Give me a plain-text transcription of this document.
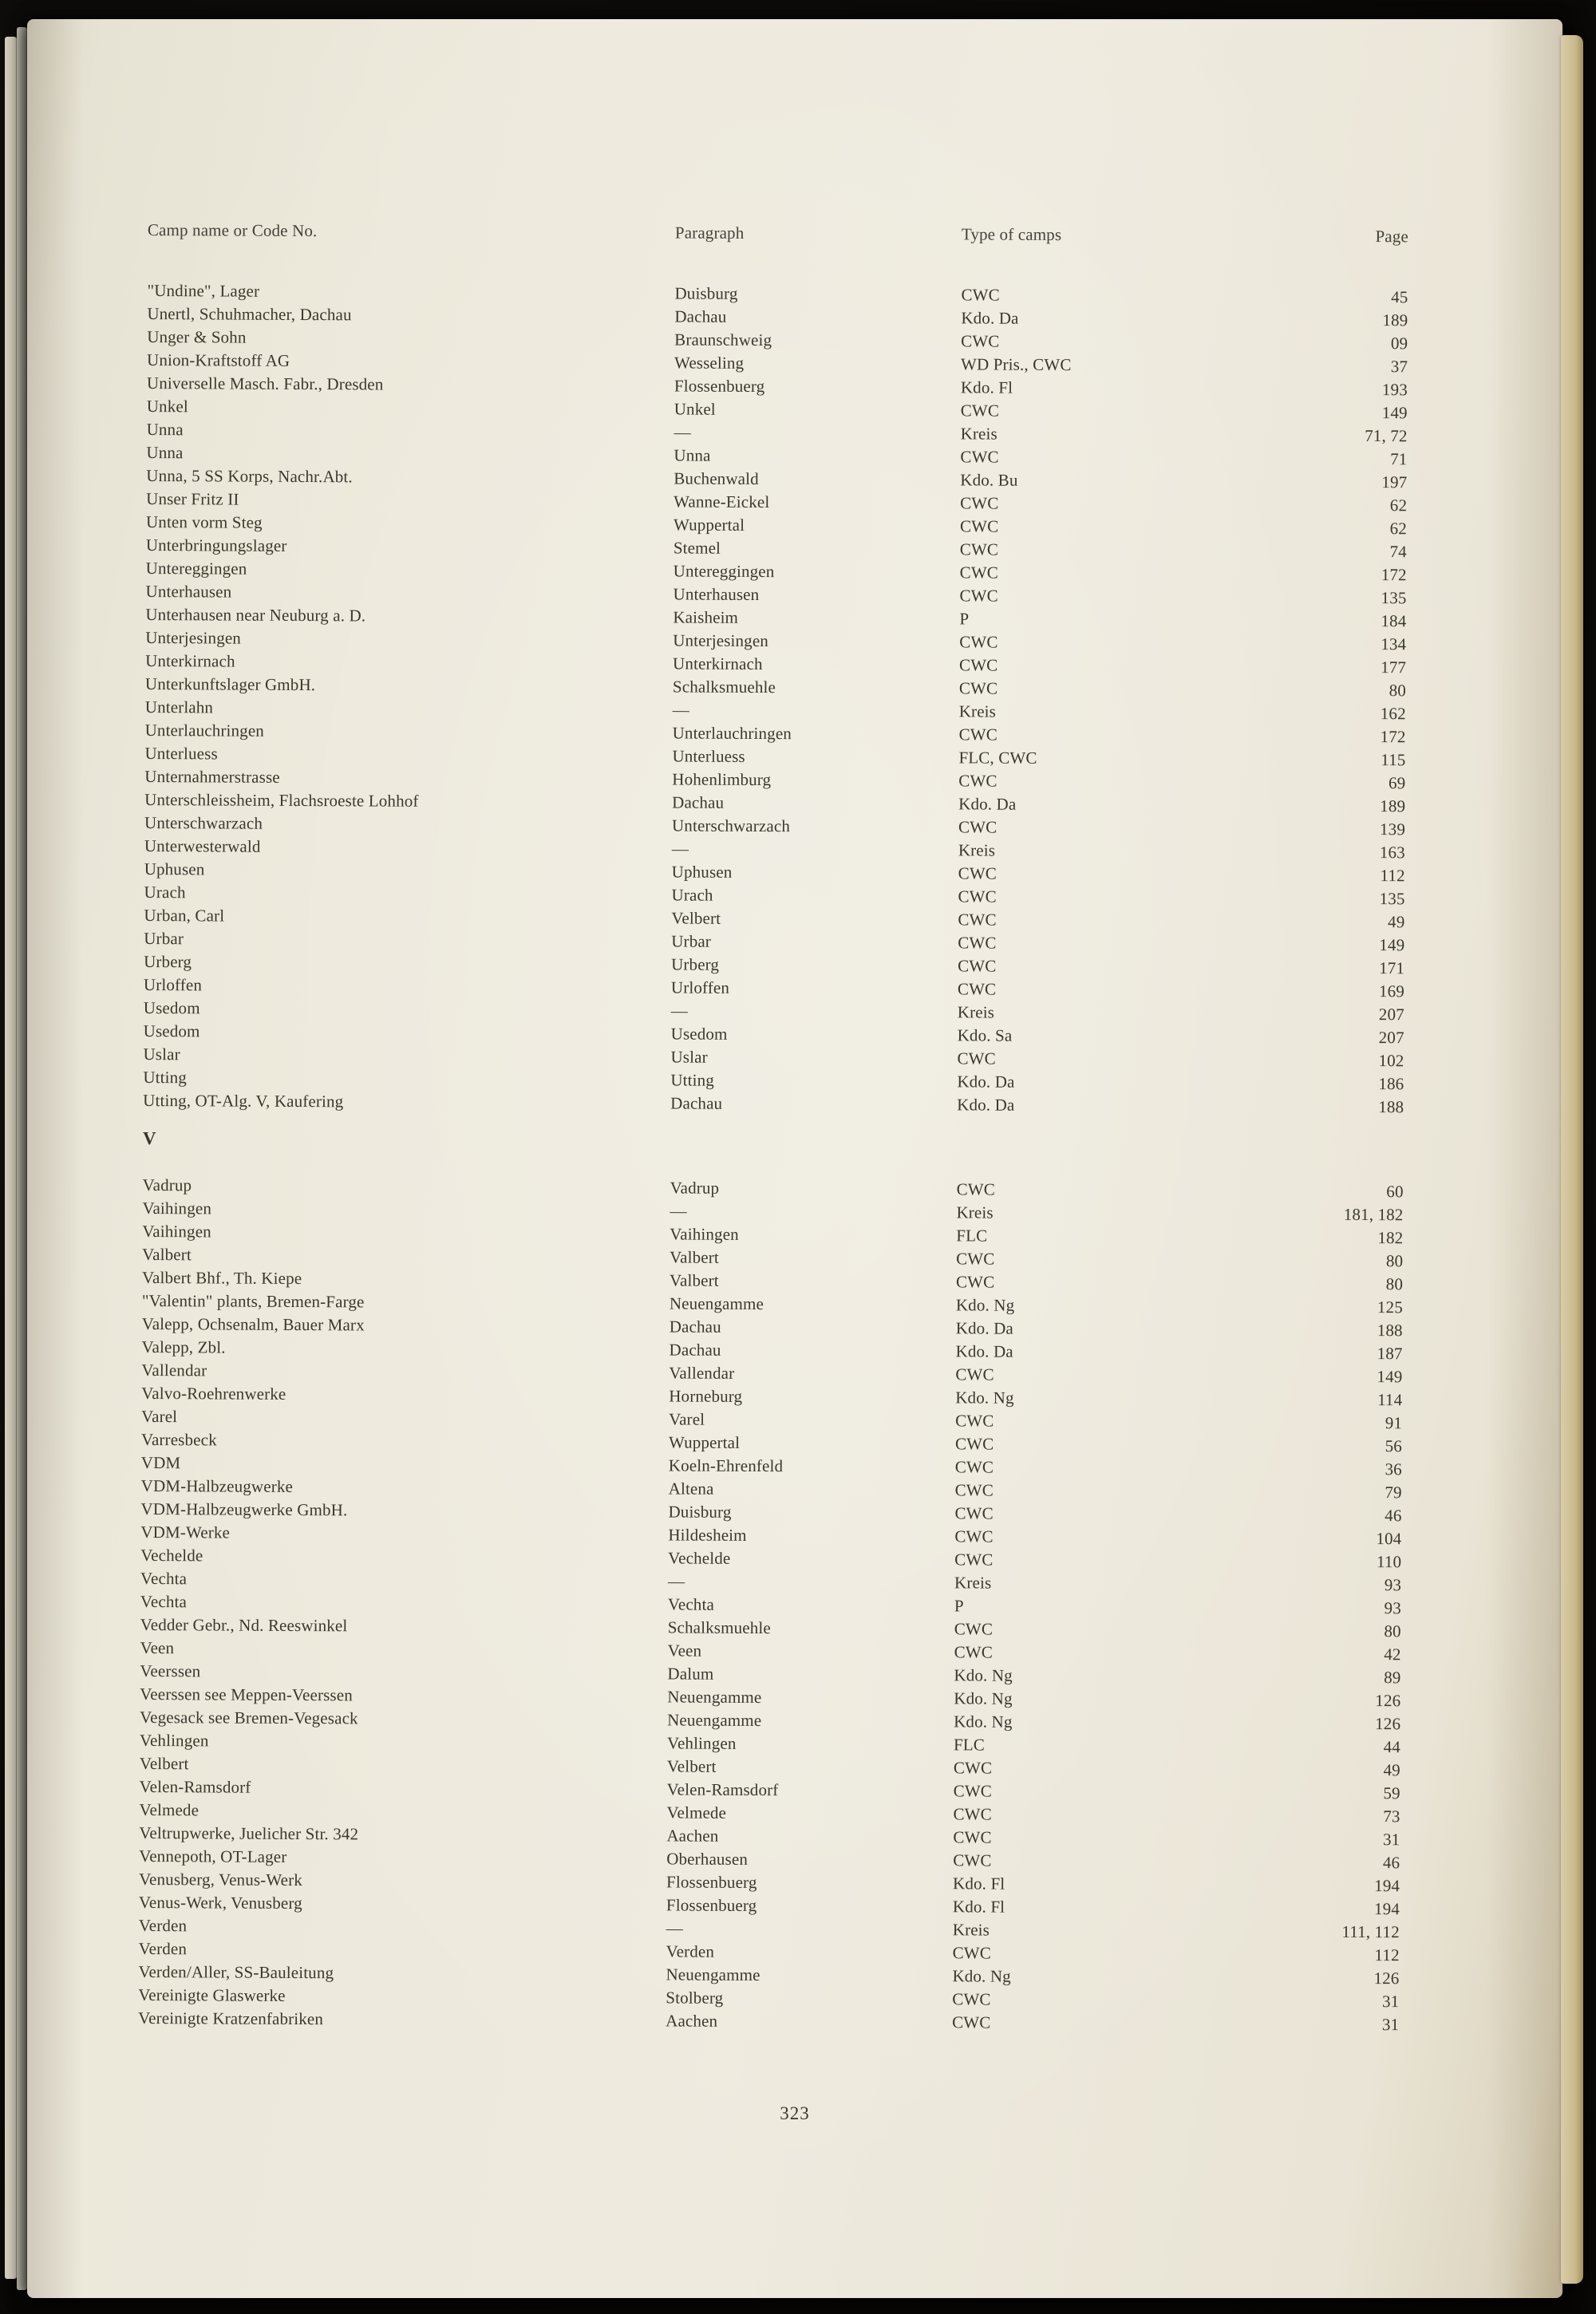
Camp name or Code No.	Paragraph	Type of camps	Page
"Undine", Lager	Duisburg	CWC	45
Unertl, Schuhmacher, Dachau	Dachau	Kdo. Da	189
Unger & Sohn	Braunschweig	CWC	09
Union-Kraftstoff AG	Wesseling	WD Pris., CWC	37
Universelle Masch. Fabr., Dresden	Flossenbuerg	Kdo. Fl	193
Unkel	Unkel	CWC	149
Unna	—	Kreis	71, 72
Unna	Unna	CWC	71
Unna, 5 SS Korps, Nachr.Abt.	Buchenwald	Kdo. Bu	197
Unser Fritz II	Wanne-Eickel	CWC	62
Unten vorm Steg	Wuppertal	CWC	62
Unterbringungslager	Stemel	CWC	74
Untereggingen	Untereggingen	CWC	172
Unterhausen	Unterhausen	CWC	135
Unterhausen near Neuburg a. D.	Kaisheim	P	184
Unterjesingen	Unterjesingen	CWC	134
Unterkirnach	Unterkirnach	CWC	177
Unterkunftslager GmbH.	Schalksmuehle	CWC	80
Unterlahn	—	Kreis	162
Unterlauchringen	Unterlauchringen	CWC	172
Unterluess	Unterluess	FLC, CWC	115
Unternahmerstrasse	Hohenlimburg	CWC	69
Unterschleissheim, Flachsroeste Lohhof	Dachau	Kdo. Da	189
Unterschwarzach	Unterschwarzach	CWC	139
Unterwesterwald	—	Kreis	163
Uphusen	Uphusen	CWC	112
Urach	Urach	CWC	135
Urban, Carl	Velbert	CWC	49
Urbar	Urbar	CWC	149
Urberg	Urberg	CWC	171
Urloffen	Urloffen	CWC	169
Usedom	—	Kreis	207
Usedom	Usedom	Kdo. Sa	207
Uslar	Uslar	CWC	102
Utting	Utting	Kdo. Da	186
Utting, OT-Alg. V, Kaufering	Dachau	Kdo. Da	188
V
Vadrup	Vadrup	CWC	60
Vaihingen	—	Kreis	181, 182
Vaihingen	Vaihingen	FLC	182
Valbert	Valbert	CWC	80
Valbert Bhf., Th. Kiepe	Valbert	CWC	80
"Valentin" plants, Bremen-Farge	Neuengamme	Kdo. Ng	125
Valepp, Ochsenalm, Bauer Marx	Dachau	Kdo. Da	188
Valepp, Zbl.	Dachau	Kdo. Da	187
Vallendar	Vallendar	CWC	149
Valvo-Roehrenwerke	Horneburg	Kdo. Ng	114
Varel	Varel	CWC	91
Varresbeck	Wuppertal	CWC	56
VDM	Koeln-Ehrenfeld	CWC	36
VDM-Halbzeugwerke	Altena	CWC	79
VDM-Halbzeugwerke GmbH.	Duisburg	CWC	46
VDM-Werke	Hildesheim	CWC	104
Vechelde	Vechelde	CWC	110
Vechta	—	Kreis	93
Vechta	Vechta	P	93
Vedder Gebr., Nd. Reeswinkel	Schalksmuehle	CWC	80
Veen	Veen	CWC	42
Veerssen	Dalum	Kdo. Ng	89
Veerssen see Meppen-Veerssen	Neuengamme	Kdo. Ng	126
Vegesack see Bremen-Vegesack	Neuengamme	Kdo. Ng	126
Vehlingen	Vehlingen	FLC	44
Velbert	Velbert	CWC	49
Velen-Ramsdorf	Velen-Ramsdorf	CWC	59
Velmede	Velmede	CWC	73
Veltrupwerke, Juelicher Str. 342	Aachen	CWC	31
Vennepoth, OT-Lager	Oberhausen	CWC	46
Venusberg, Venus-Werk	Flossenbuerg	Kdo. Fl	194
Venus-Werk, Venusberg	Flossenbuerg	Kdo. Fl	194
Verden	—	Kreis	111, 112
Verden	Verden	CWC	112
Verden/Aller, SS-Bauleitung	Neuengamme	Kdo. Ng	126
Vereinigte Glaswerke	Stolberg	CWC	31
Vereinigte Kratzenfabriken	Aachen	CWC	31
323
